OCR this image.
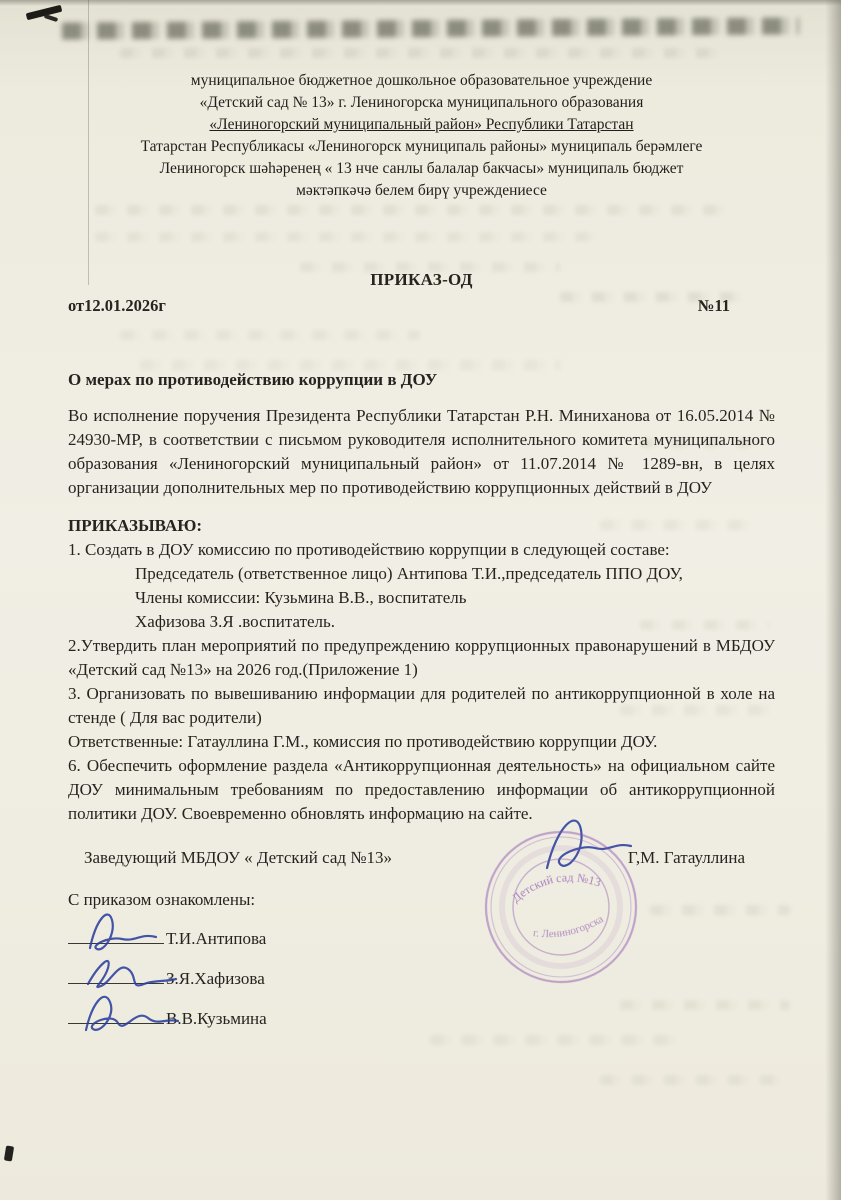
муниципальное бюджетное дошкольное образовательное учреждение
«Детский сад № 13» г. Лениногорска муниципального образования
«Лениногорский муниципальный район» Республики Татарстан
Татарстан Республикасы «Лениногорск муниципаль районы» муниципаль берәмлеге
Лениногорск шәһәренең « 13 нче санлы балалар бакчасы» муниципаль бюджет
мәктәпкәчә белем бирү учреждениесе
ПРИКАЗ-ОД
от12.01.2026г	№11

О мерах по противодействию коррупции в ДОУ

Во исполнение поручения Президента Республики Татарстан Р.Н. Миниханова от 16.05.2014 № 24930-МР, в соответствии с письмом руководителя исполнительного комитета муниципального образования «Лениногорский муниципальный район» от 11.07.2014 № 1289-вн, в целях организации дополнительных мер по противодействию коррупционных действий в ДОУ

ПРИКАЗЫВАЮ:

1. Создать в ДОУ комиссию по противодействию коррупции в следующей составе:

Председатель (ответственное лицо) Антипова Т.И.,председатель ППО ДОУ,

Члены комиссии: Кузьмина В.В., воспитатель

Хафизова З.Я .воспитатель.

2.Утвердить план мероприятий по предупреждению коррупционных правонарушений в МБДОУ «Детский сад №13» на 2026 год.(Приложение 1)

3. Организовать по вывешиванию информации для родителей по антикоррупционной в холе на стенде ( Для вас родители)

Ответственные: Гатауллина Г.М., комиссия по противодействию коррупции ДОУ.

6. Обеспечить оформление раздела «Антикоррупционная деятельность» на официальном сайте ДОУ минимальным требованиям по предоставлению информации об антикоррупционной политики ДОУ. Своевременно обновлять информацию на сайте.

Заведующий МБДОУ « Детский сад №13»	Г,М. Гатауллина

С приказом ознакомлены:

Т.И.Антипова
З.Я.Хафизова
В.В.Кузьмина
Детский сад №13
г. Лениногорска
